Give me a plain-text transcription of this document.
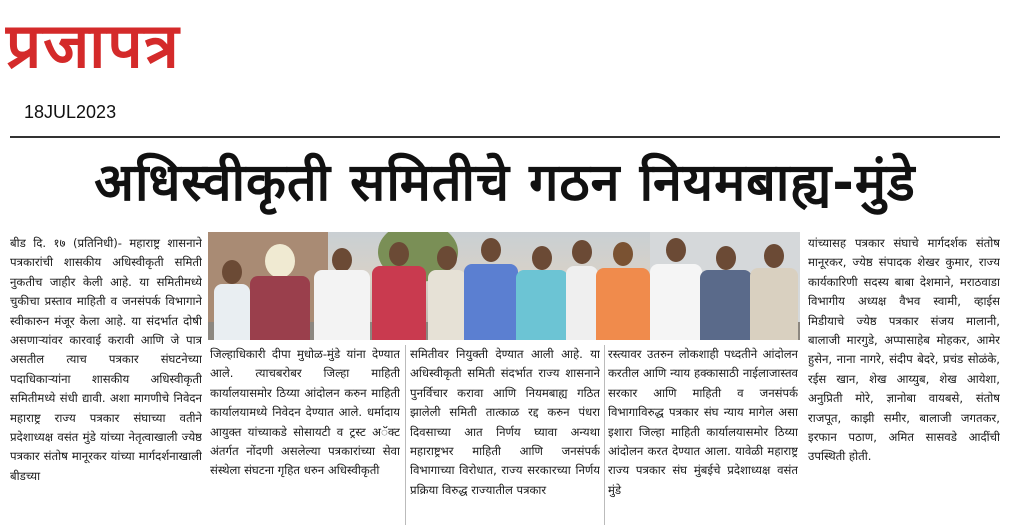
प्रजापत्र
18JUL2023
अधिस्वीकृती समितीचे गठन नियमबाह्य-मुंडे

बीड दि. १७ (प्रतिनिधी)- महाराष्ट्र शासनाने पत्रकारांची शासकीय अधिस्वीकृती समिती नुकतीच जाहीर केली आहे. या समितीमध्ये चुकीचा प्रस्ताव माहिती व जनसंपर्क विभागाने स्वीकारुन मंजूर केला आहे. या संदर्भात दोषी असणाऱ्यांवर कारवाई करावी आणि जे पात्र असतील त्याच पत्रकार संघटनेच्या पदाधिकाऱ्यांना शासकीय अधिस्वीकृती समितीमध्ये संधी द्यावी. अशा मागणीचे निवेदन महाराष्ट्र राज्य पत्रकार संघाच्या वतीने प्रदेशाध्यक्ष वसंत मुंडे यांच्या नेतृत्वाखाली ज्येष्ठ पत्रकार संतोष मानूरकर यांच्या मार्गदर्शनाखाली बीडच्या

जिल्हाधिकारी दीपा मुधोळ-मुंडे यांना देण्यात आले. त्याचबरोबर जिल्हा माहिती कार्यालयासमोर ठिय्या आंदोलन करुन माहिती कार्यालयामध्ये निवेदन देण्यात आले. धर्मादाय आयुक्त यांच्याकडे सोसायटी व ट्रस्ट अॅक्ट अंतर्गत नोंदणी असलेल्या पत्रकारांच्या सेवा संस्थेला संघटना गृहित धरुन अधिस्वीकृती

समितीवर नियुक्ती देण्यात आली आहे. या अधिस्वीकृती समिती संदर्भात राज्य शासनाने पुनर्विचार करावा आणि नियमबाह्य गठित झालेली समिती तात्काळ रद्द करुन पंधरा दिवसाच्या आत निर्णय घ्यावा अन्यथा महाराष्ट्रभर माहिती आणि जनसंपर्क विभागाच्या विरोधात, राज्य सरकारच्या निर्णय प्रक्रिया विरुद्ध राज्यातील पत्रकार

रस्त्यावर उतरुन लोकशाही पध्दतीने आंदोलन करतील आणि न्याय हक्कासाठी नाईलाजास्तव सरकार आणि माहिती व जनसंपर्क विभागाविरुद्ध पत्रकार संघ न्याय मागेल असा इशारा जिल्हा माहिती कार्यालयासमोर ठिय्या आंदोलन करत देण्यात आला. यावेळी महाराष्ट्र राज्य पत्रकार संघ मुंबईचे प्रदेशाध्यक्ष वसंत मुंडे

यांच्यासह पत्रकार संघाचे मार्गदर्शक संतोष मानूरकर, ज्येष्ठ संपादक शेखर कुमार, राज्य कार्यकारिणी सदस्य बाबा देशमाने, मराठवाडा विभागीय अध्यक्ष वैभव स्वामी, व्हाईस मिडीयाचे ज्येष्ठ पत्रकार संजय मालानी, बालाजी मारगुडे, अप्पासाहेब मोहकर, आमेर हुसेन, नाना नागरे, संदीप बेदरे, प्रचंड सोळंके, रईस खान, शेख आय्युब, शेख आयेशा, अनुप्रिती मोरे, ज्ञानोबा वायबसे, संतोष राजपूत, काझी समीर, बालाजी जगतकर, इरफान पठाण, अमित सासवडे आदींची उपस्थिती होती.
